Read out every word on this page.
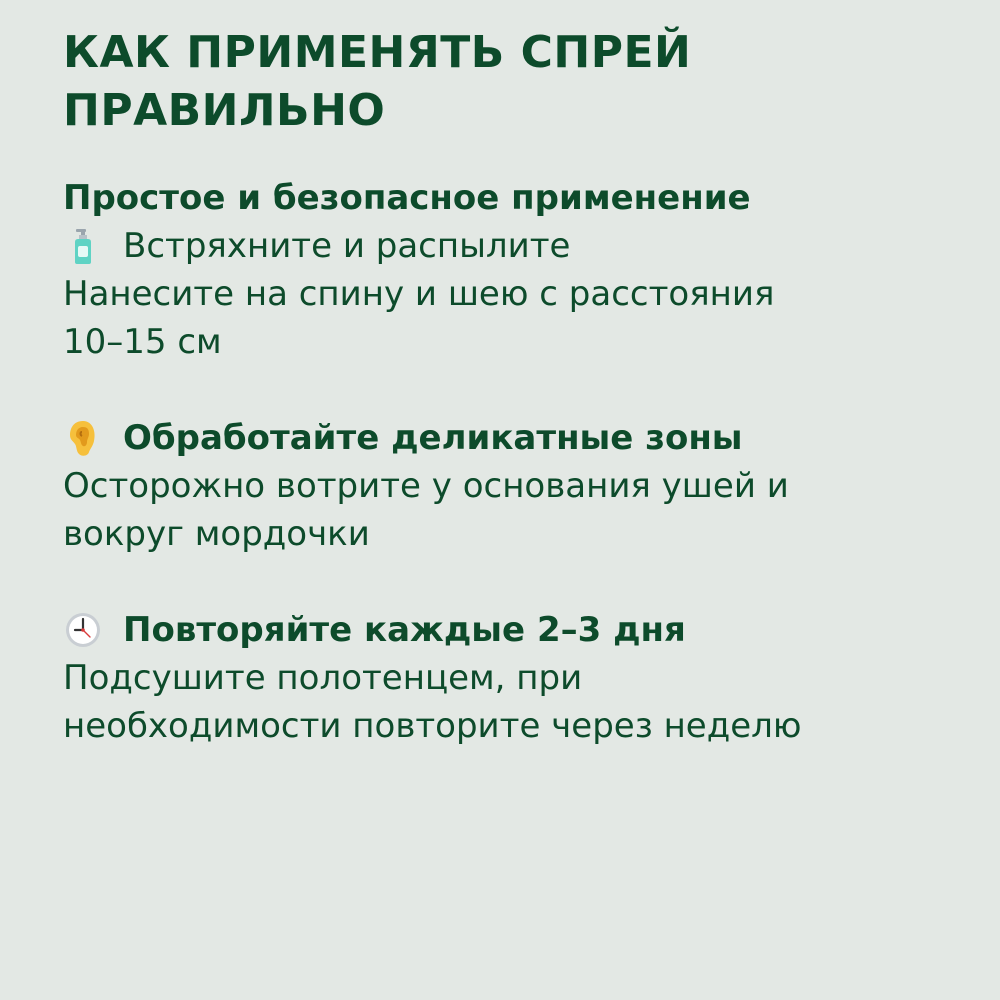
КАК ПРИМЕНЯТЬ СПРЕЙ
ПРАВИЛЬНО
Простое и безопасное применение
Встряхните и распылите
Нанесите на спину и шею с расстояния
10–15 см
Обработайте деликатные зоны
Осторожно вотрите у основания ушей и
вокруг мордочки
Повторяйте каждые 2–3 дня
Подсушите полотенцем, при
необходимости повторите через неделю
